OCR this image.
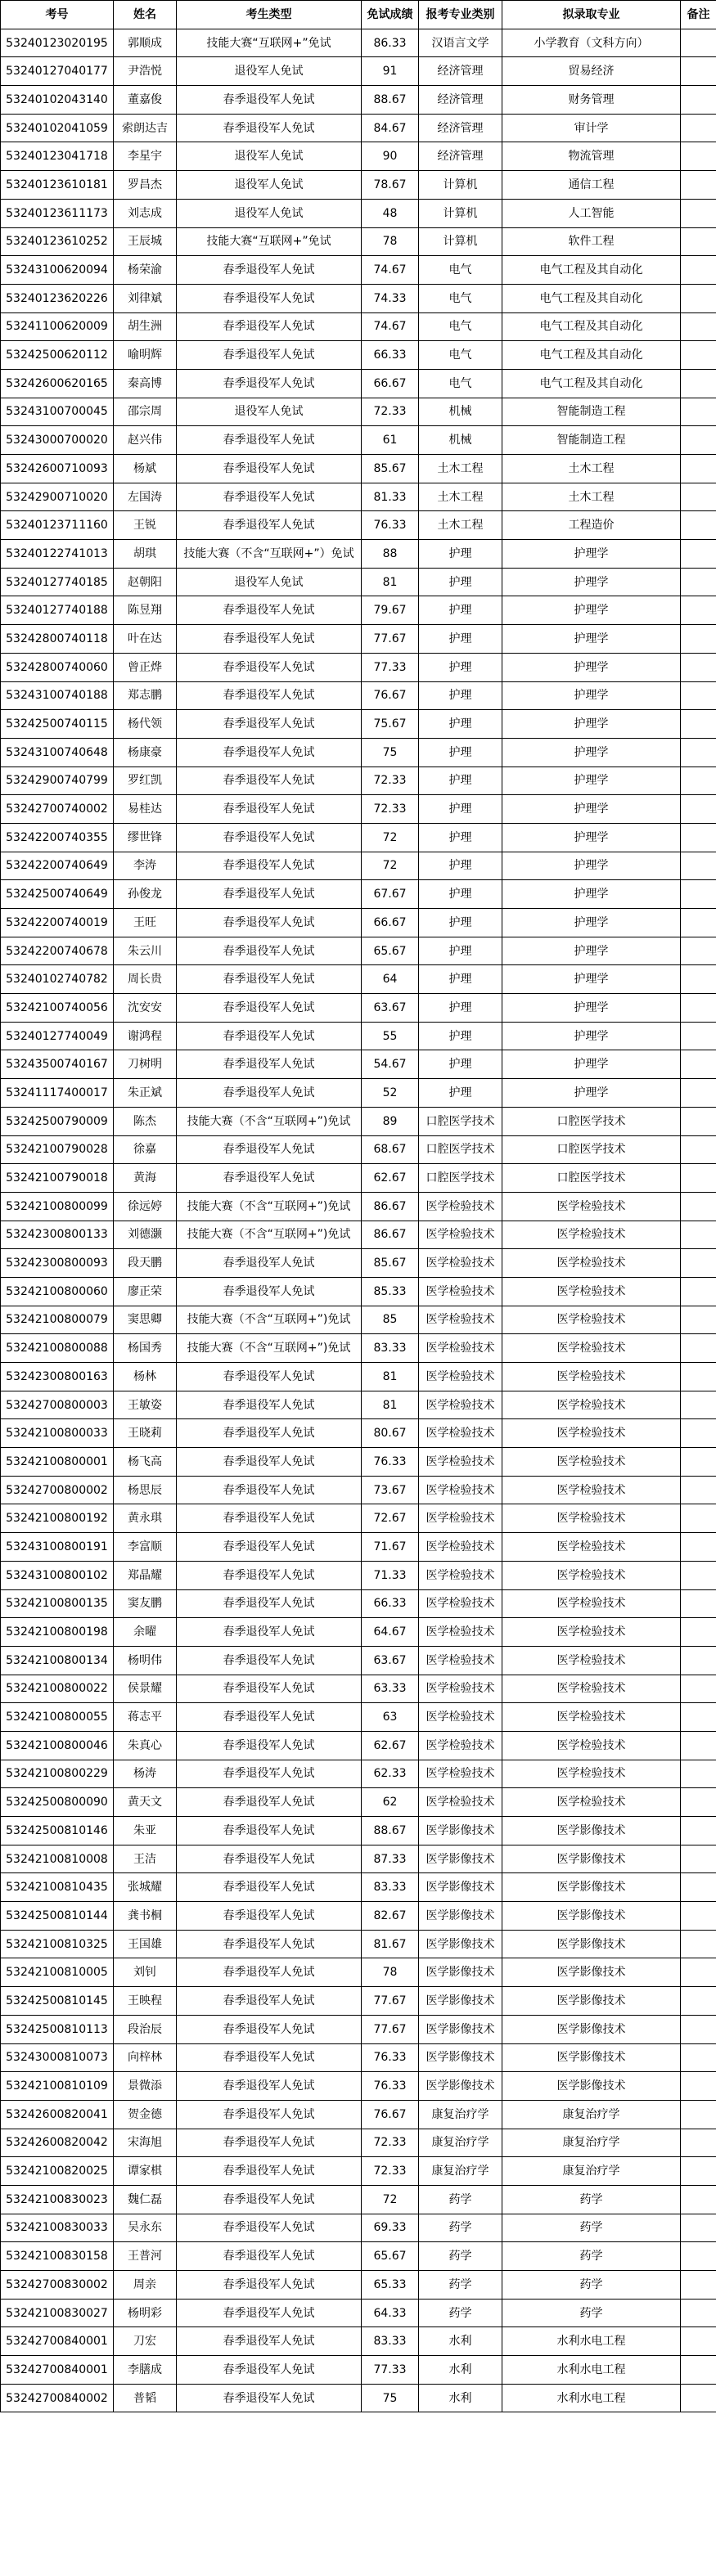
考号	姓名	考生类型	免试成绩	报考专业类别	拟录取专业	备注
5324012302019​5	郭顺成	技能大赛“互联网+”免试	86.33	汉语言文学	小学教育（文科方向）	
53240127040177	尹浩悦	退役军人免试	91	经济管理	贸易经济	
53240102043140	董嘉俊	春季退役军人免试	88.67	经济管理	财务管理	
53240102041059	索朗达吉	春季退役军人免试	84.67	经济管理	审计学	
53240123041718	李星宇	退役军人免试	90	经济管理	物流管理	
53240123610181	罗昌杰	退役军人免试	78.67	计算机	通信工程	
53240123611173	刘志成	退役军人免试	48	计算机	人工智能	
53240123610252	王辰城	技能大赛“互联网+”免试	78	计算机	软件工程	
53243100620094	杨荣渝	春季退役军人免试	74.67	电气	电气工程及其自动化	
53240123620226	刘律斌	春季退役军人免试	74.33	电气	电气工程及其自动化	
53241100620009	胡生洲	春季退役军人免试	74.67	电气	电气工程及其自动化	
53242500620112	喻明辉	春季退役军人免试	66.33	电气	电气工程及其自动化	
53242600620165	秦高博	春季退役军人免试	66.67	电气	电气工程及其自动化	
53243100700045	邵宗周	退役军人免试	72.33	机械	智能制造工程	
53243000700020	赵兴伟	春季退役军人免试	61	机械	智能制造工程	
53242600710093	杨斌	春季退役军人免试	85.67	土木工程	土木工程	
53242900710020	左国涛	春季退役军人免试	81.33	土木工程	土木工程	
53240123711160	王锐	春季退役军人免试	76.33	土木工程	工程造价	
53240122741013	胡琪	技能大赛（不含“互联网+”）免试	88	护理	护理学	
53240127740185	赵朝阳	退役军人免试	81	护理	护理学	
53240127740188	陈昱翔	春季退役军人免试	79.67	护理	护理学	
53242800740118	叶在达	春季退役军人免试	77.67	护理	护理学	
53242800740060	曾正烨	春季退役军人免试	77.33	护理	护理学	
53243100740188	郑志鹏	春季退役军人免试	76.67	护理	护理学	
53242500740115	杨代领	春季退役军人免试	75.67	护理	护理学	
53243100740648	杨康豪	春季退役军人免试	75	护理	护理学	
53242900740799	罗红凯	春季退役军人免试	72.33	护理	护理学	
53242700740002	易桂达	春季退役军人免试	72.33	护理	护理学	
53242200740355	缪世锋	春季退役军人免试	72	护理	护理学	
53242200740649	李涛	春季退役军人免试	72	护理	护理学	
53242500740649	孙俊龙	春季退役军人免试	67.67	护理	护理学	
53242200740019	王旺	春季退役军人免试	66.67	护理	护理学	
53242200740678	朱云川	春季退役军人免试	65.67	护理	护理学	
53240102740782	周长贵	春季退役军人免试	64	护理	护理学	
53242100740056	沈安安	春季退役军人免试	63.67	护理	护理学	
53240127740049	谢鸿程	春季退役军人免试	55	护理	护理学	
53243500740167	刀树明	春季退役军人免试	54.67	护理	护理学	
53241117400017	朱正斌	春季退役军人免试	52	护理	护理学	
53242500790009	陈杰	技能大赛（不含“互联网+”)免试	89	口腔医学技术	口腔医学技术	
53242100790028	徐嘉	春季退役军人免试	68.67	口腔医学技术	口腔医学技术	
53242100790018	黄海	春季退役军人免试	62.67	口腔医学技术	口腔医学技术	
53242100800099	徐远婷	技能大赛（不含“互联网+”)免试	86.67	医学检验技术	医学检验技术	
53242300800133	刘德灏	技能大赛（不含“互联网+”)免试	86.67	医学检验技术	医学检验技术	
53242300800093	段天鹏	春季退役军人免试	85.67	医学检验技术	医学检验技术	
53242100800060	廖正荣	春季退役军人免试	85.33	医学检验技术	医学检验技术	
53242100800079	窦思卿	技能大赛（不含“互联网+”)免试	85	医学检验技术	医学检验技术	
53242100800088	杨国秀	技能大赛（不含“互联网+”)免试	83.33	医学检验技术	医学检验技术	
53242300800163	杨林	春季退役军人免试	81	医学检验技术	医学检验技术	
53242700800003	王敏姿	春季退役军人免试	81	医学检验技术	医学检验技术	
53242100800033	王晓莉	春季退役军人免试	80.67	医学检验技术	医学检验技术	
53242100800001	杨飞高	春季退役军人免试	76.33	医学检验技术	医学检验技术	
53242700800002	杨思辰	春季退役军人免试	73.67	医学检验技术	医学检验技术	
53242100800192	黄永琪	春季退役军人免试	72.67	医学检验技术	医学检验技术	
53243100800191	李富顺	春季退役军人免试	71.67	医学检验技术	医学检验技术	
53243100800102	郑晶耀	春季退役军人免试	71.33	医学检验技术	医学检验技术	
53242100800135	窦友鹏	春季退役军人免试	66.33	医学检验技术	医学检验技术	
53242100800198	余曜	春季退役军人免试	64.67	医学检验技术	医学检验技术	
53242100800134	杨明伟	春季退役军人免试	63.67	医学检验技术	医学检验技术	
53242100800022	侯景耀	春季退役军人免试	63.33	医学检验技术	医学检验技术	
53242100800055	蒋志平	春季退役军人免试	63	医学检验技术	医学检验技术	
53242100800046	朱真心	春季退役军人免试	62.67	医学检验技术	医学检验技术	
53242100800229	杨涛	春季退役军人免试	62.33	医学检验技术	医学检验技术	
53242500800090	黄天文	春季退役军人免试	62	医学检验技术	医学检验技术	
53242500810146	朱亚	春季退役军人免试	88.67	医学影像技术	医学影像技术	
53242100810008	王洁	春季退役军人免试	87.33	医学影像技术	医学影像技术	
53242100810435	张城耀	春季退役军人免试	83.33	医学影像技术	医学影像技术	
53242500810144	龚书桐	春季退役军人免试	82.67	医学影像技术	医学影像技术	
53242100810325	王国雄	春季退役军人免试	81.67	医学影像技术	医学影像技术	
53242100810005	刘钊	春季退役军人免试	78	医学影像技术	医学影像技术	
53242500810145	王映程	春季退役军人免试	77.67	医学影像技术	医学影像技术	
53242500810113	段治辰	春季退役军人免试	77.67	医学影像技术	医学影像技术	
53243000810073	向梓林	春季退役军人免试	76.33	医学影像技术	医学影像技术	
53242100810109	景微添	春季退役军人免试	76.33	医学影像技术	医学影像技术	
53242600820041	贺金德	春季退役军人免试	76.67	康复治疗学	康复治疗学	
53242600820042	宋海旭	春季退役军人免试	72.33	康复治疗学	康复治疗学	
53242100820025	谭家棋	春季退役军人免试	72.33	康复治疗学	康复治疗学	
53242100830023	魏仁磊	春季退役军人免试	72	药学	药学	
53242100830033	吴永东	春季退役军人免试	69.33	药学	药学	
53242100830158	王普河	春季退役军人免试	65.67	药学	药学	
53242700830002	周亲	春季退役军人免试	65.33	药学	药学	
53242100830027	杨明彩	春季退役军人免试	64.33	药学	药学	
53242700840001	刀宏	春季退役军人免试	83.33	水利	水利水电工程	
53242700840001	李膳成	春季退役军人免试	77.33	水利	水利水电工程	
53242700840002	普韬	春季退役军人免试	75	水利	水利水电工程	
